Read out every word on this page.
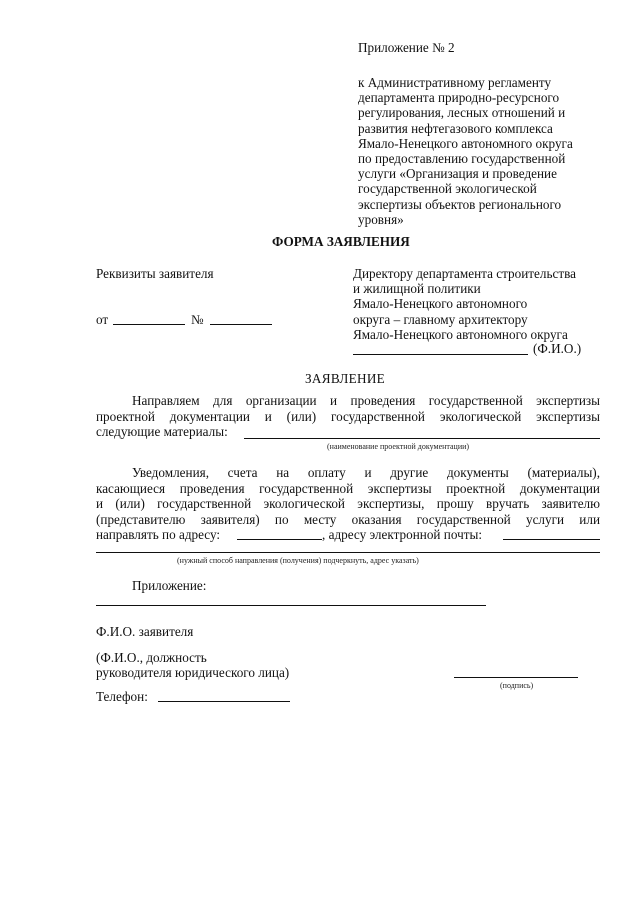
Приложение № 2
к Административному регламенту
департамента природно-ресурсного
регулирования, лесных отношений и
развития нефтегазового комплекса
Ямало-Ненецкого автономного округа
по предоставлению государственной
услуги «Организация и проведение
государственной экологической
экспертизы объектов регионального
уровня»
ФОРМА ЗАЯВЛЕНИЯ
Реквизиты заявителя
от	№
Директору департамента строительства
и жилищной политики
Ямало-Ненецкого автономного
округа – главному архитектору
Ямало-Ненецкого автономного округа
(Ф.И.О.)
ЗАЯВЛЕНИЕ
Направляем для организации и проведения государственной экспертизы
проектной документации и (или) государственной экологической экспертизы
следующие материалы:
(наименование проектной документации)
Уведомления, счета на оплату и другие документы (материалы),
касающиеся проведения государственной экспертизы проектной документации
и (или) государственной экологической экспертизы, прошу вручать заявителю
(представителю заявителя) по месту оказания государственной услуги или
направлять по адресу:	, адресу электронной почты:
(нужный способ направления (получения) подчеркнуть, адрес указать)
Приложение:
Ф.И.О. заявителя
(Ф.И.О., должность
руководителя юридического лица)
(подпись)
Телефон:
